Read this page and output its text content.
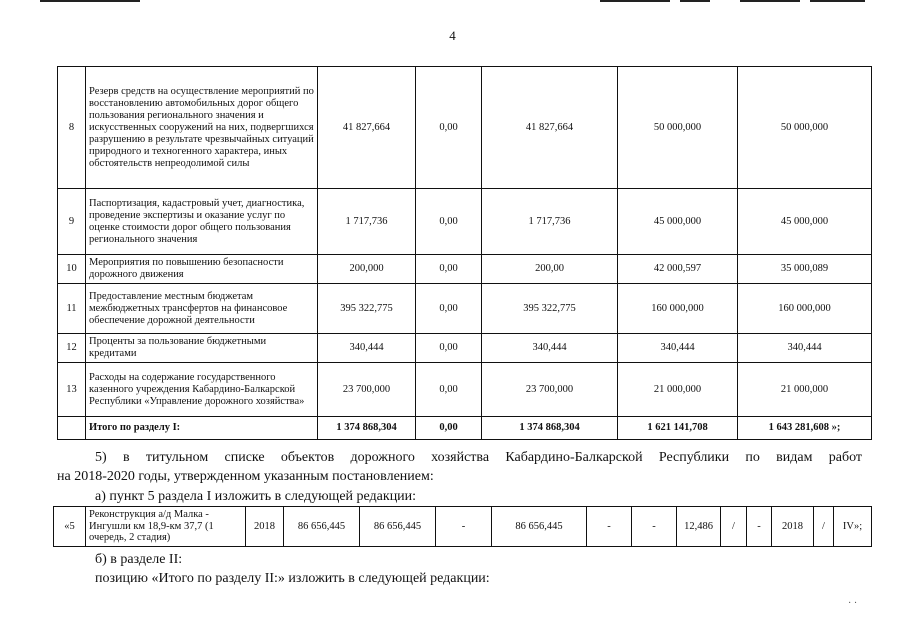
4
8	Резерв средств на осуществление мероприятий по восстановлению автомобильных дорог общего пользования регионального значения и искусственных сооружений на них, подвергшихся разрушению в результате чрезвычайных ситуаций природного и техногенного характера, иных обстоятельств непреодолимой силы	41 827,664	0,00	41 827,664	50 000,000	50 000,000
9	Паспортизация, кадастровый учет, диагностика, проведение экспертизы и оказание услуг по оценке стоимости дорог общего пользования регионального значения	1 717,736	0,00	1 717,736	45 000,000	45 000,000
10	Мероприятия по повышению безопасности дорожного движения	200,000	0,00	200,00	42 000,597	35 000,089
11	Предоставление местным бюджетам межбюджетных трансфертов на финансовое обеспечение дорожной деятельности	395 322,775	0,00	395 322,775	160 000,000	160 000,000
12	Проценты за пользование бюджетными кредитами	340,444	0,00	340,444	340,444	340,444
13	Расходы на содержание государственного казенного учреждения Кабардино-Балкарской Республики «Управление дорожного хозяйства»	23 700,000	0,00	23 700,000	21 000,000	21 000,000
	Итого по разделу I:	1 374 868,304	0,00	1 374 868,304	1 621 141,708	1 643 281,608 »;
5) в титульном списке объектов дорожного хозяйства Кабардино-Балкарской Республики по видам работ
на 2018-2020 годы, утвержденном указанным постановлением:
а) пункт 5 раздела I изложить в следующей редакции:
«5	Реконструкция а/д Малка - Ингушли км 18,9-км 37,7 (1 очередь, 2 стадия)	2018	86 656,445	86 656,445	-	86 656,445	-	-	12,486	/	-	2018	/	IV»;
б) в разделе II:
позицию «Итого по разделу II:» изложить в следующей редакции:
· ·
